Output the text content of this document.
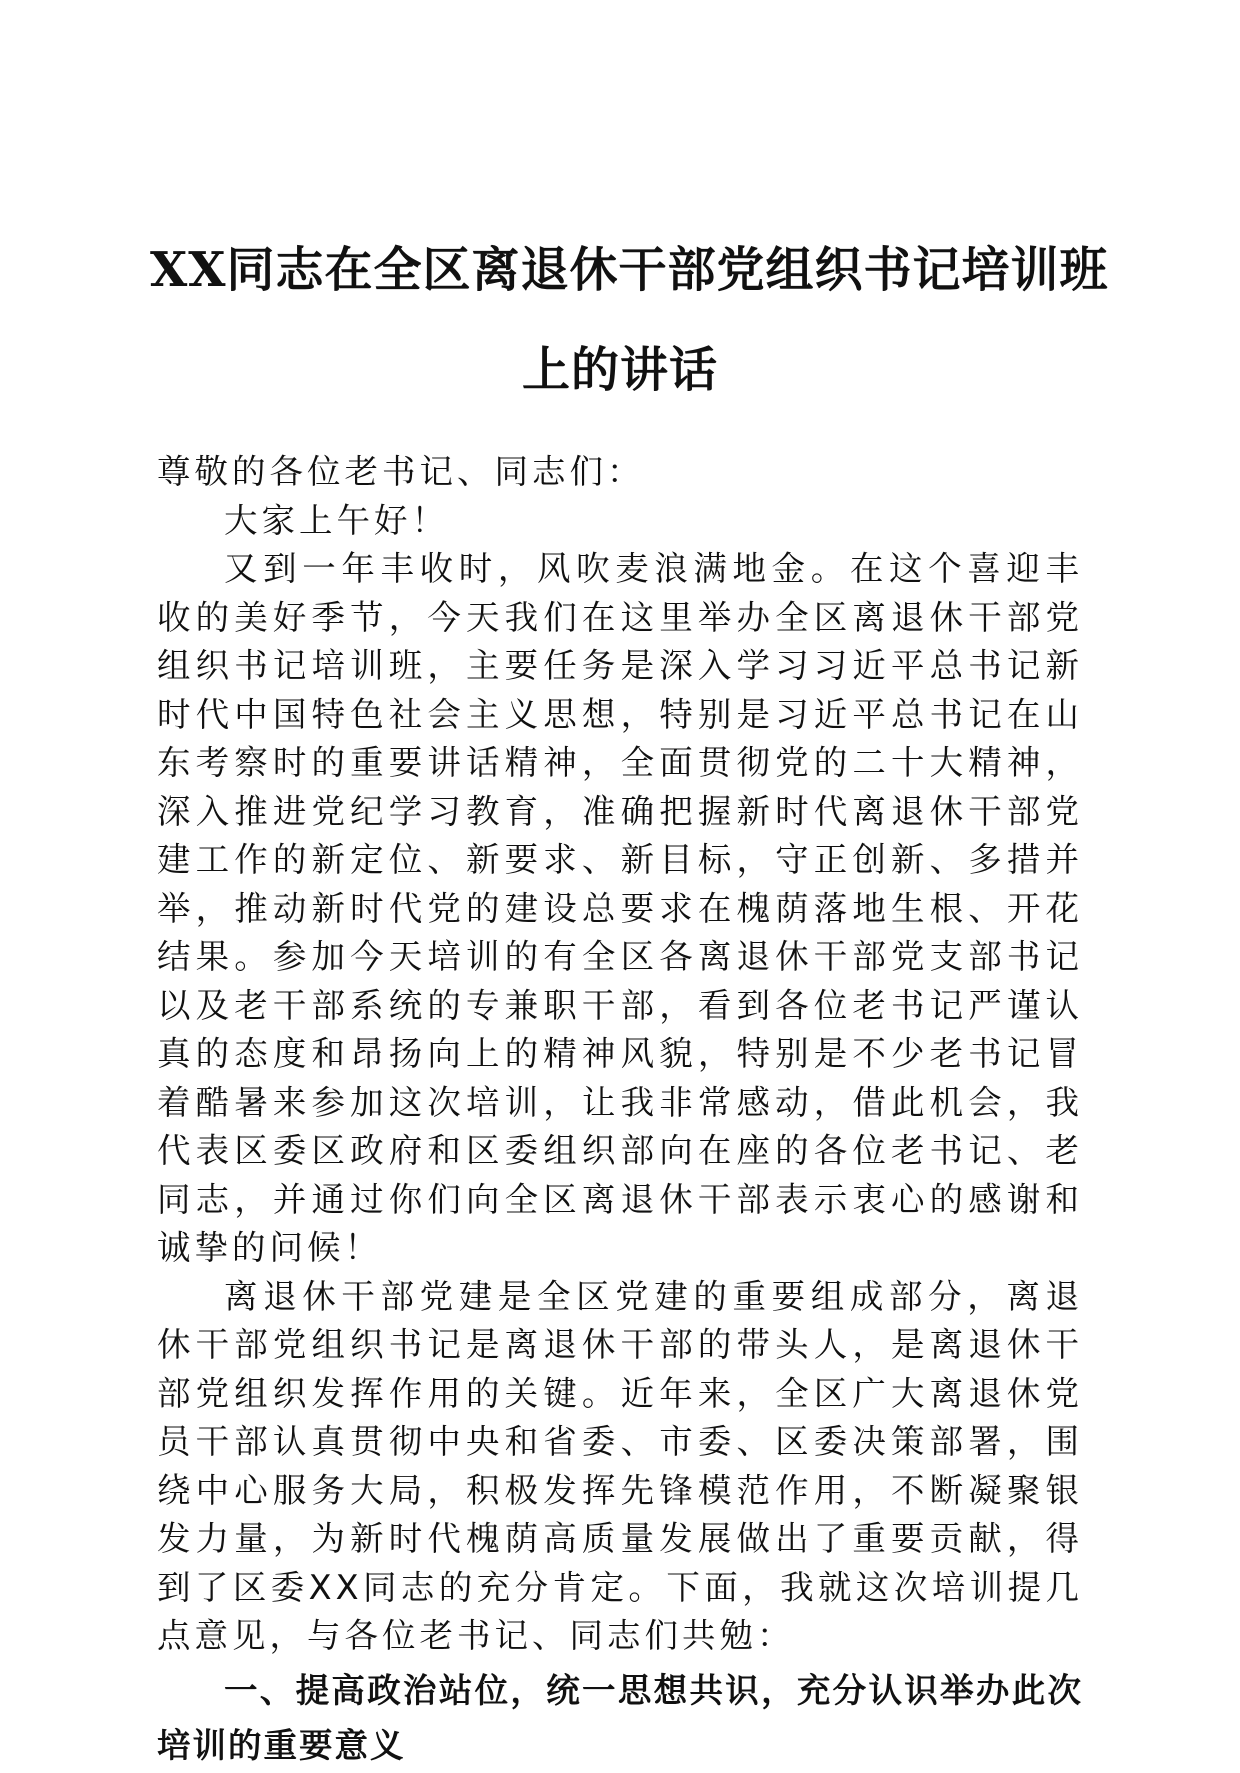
XX同志在全区离退休干部党组织书记培训班
上的讲话

尊敬的各位老书记、同志们：

大家上午好！

又到一年丰收时，风吹麦浪满地金。在这个喜迎丰收的美好季节，今天我们在这里举办全区离退休干部党组织书记培训班，主要任务是深入学习习近平总书记新时代中国特色社会主义思想，特别是习近平总书记在山东考察时的重要讲话精神，全面贯彻党的二十大精神，深入推进党纪学习教育，准确把握新时代离退休干部党建工作的新定位、新要求、新目标，守正创新、多措并举，推动新时代党的建设总要求在槐荫落地生根、开花结果。参加今天培训的有全区各离退休干部党支部书记以及老干部系统的专兼职干部，看到各位老书记严谨认真的态度和昂扬向上的精神风貌，特别是不少老书记冒着酷暑来参加这次培训，让我非常感动，借此机会，我代表区委区政府和区委组织部向在座的各位老书记、老同志，并通过你们向全区离退休干部表示衷心的感谢和诚挚的问候！

离退休干部党建是全区党建的重要组成部分，离退休干部党组织书记是离退休干部的带头人，是离退休干部党组织发挥作用的关键。近年来，全区广大离退休党员干部认真贯彻中央和省委、市委、区委决策部署，围绕中心服务大局，积极发挥先锋模范作用，不断凝聚银发力量，为新时代槐荫高质量发展做出了重要贡献，得到了区委XX同志的充分肯定。下面，我就这次培训提几点意见，与各位老书记、同志们共勉：

一、提高政治站位，统一思想共识，充分认识举办此次培训的重要意义
